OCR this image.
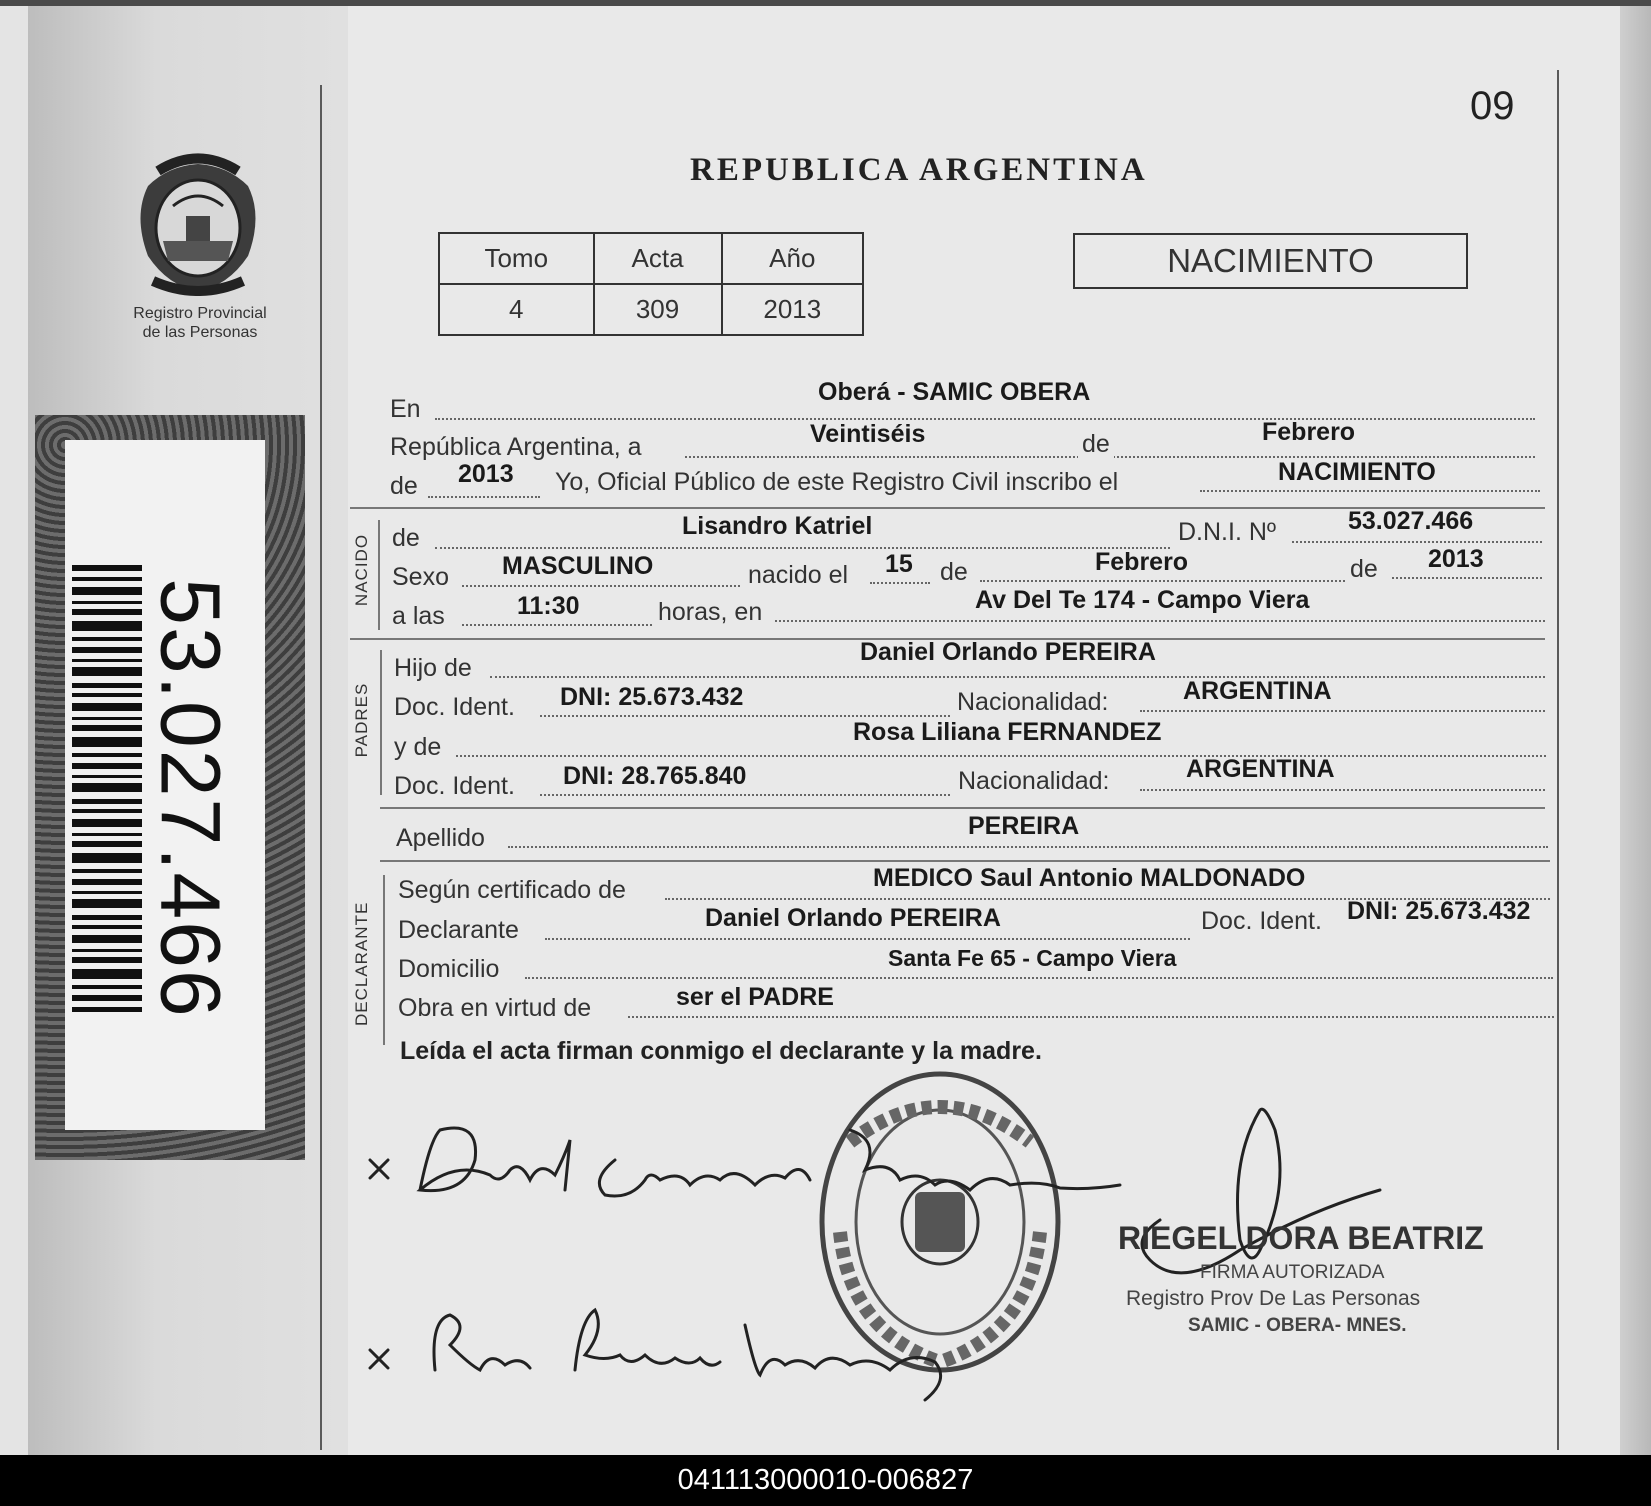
Registro Provincial
de las Personas
53.027.466
09
REPUBLICA ARGENTINA
Tomo	Acta	Año
4	309	2013
NACIMIENTO
En
Oberá - SAMIC OBERA
República Argentina, a	Veintiséis	de	Febrero
de 2013 Yo, Oficial Público de este Registro Civil inscribo el	NACIMIENTO
NACIDO de	Lisandro Katriel	D.N.I. Nº	53.027.466
Sexo MASCULINO	nacido el 15 de	Febrero	de 2013
a las	11:30	horas, en	Av Del Te 174 - Campo Viera
PADRES
Hijo de
Daniel Orlando PEREIRA
Doc. Ident. DNI: 25.673.432	Nacionalidad:	ARGENTINA
y de
Rosa Liliana FERNANDEZ
Doc. Ident. DNI: 28.765.840	Nacionalidad:	ARGENTINA
Apellido	PEREIRA
DECLARANTE
Según certificado de	MEDICO Saul Antonio MALDONADO
Declarante	Daniel Orlando PEREIRA	Doc. Ident. DNI: 25.673.432
Domicilio	Santa Fe 65 - Campo Viera
Obra en virtud de	ser el PADRE
Leída el acta firman conmigo el declarante y la madre.
RIEGEL DORA BEATRIZ
FIRMA AUTORIZADA
Registro Prov De Las Personas
SAMIC - OBERA- MNES.
041113000010-006827
